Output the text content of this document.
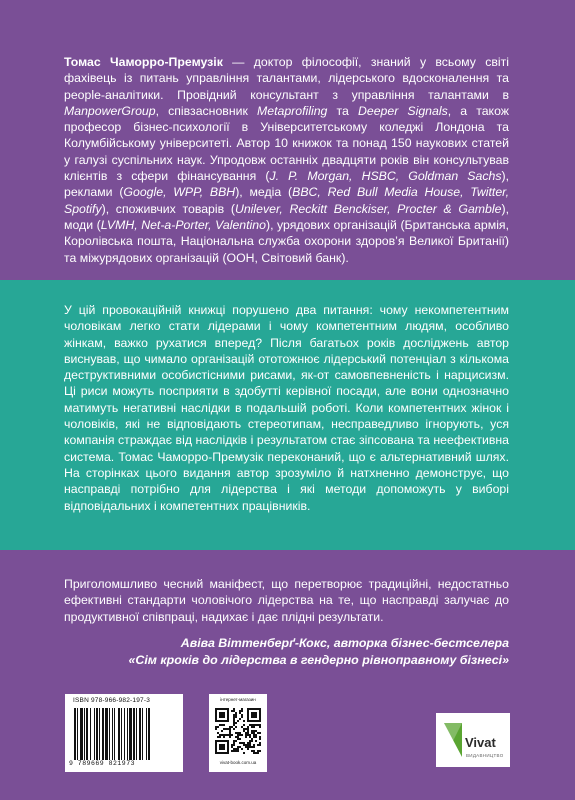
Томас Чаморро-Премузік — доктор філософії, знаний у всьому світі фахівець із питань управління талантами, лідерського вдосконалення та people-аналітики. Провідний консультант з управління талантами в ManpowerGroup, співзасновник Metaprofiling та Deeper Signals, а також професор бізнес-психології в Університетському коледжі Лондона та Колумбійському університеті. Автор 10 книжок та понад 150 наукових статей у галузі суспільних наук. Упродовж останніх двадцяти років він консультував клієнтів з сфери фінансування (J. P. Morgan, HSBC, Goldman Sachs), реклами (Google, WPP, BBH), медіа (BBC, Red Bull Media House, Twitter, Spotify), споживчих товарів (Unilever, Reckitt Benckiser, Procter & Gamble), моди (LVMH, Net-a-Porter, Valentino), урядових організацій (Британська армія, Королівська пошта, Національна служба охорони здоров’я Великої Британії) та міжурядових організацій (ООН, Світовий банк).

У цій провокаційній книжці порушено два питання: чому некомпетентним чоловікам легко стати лідерами і чому компетентним людям, особливо жінкам, важко рухатися вперед? Після багатьох років досліджень автор виснував, що чимало організацій ототожнює лідерський потенціал з кількома деструктивними особистісними рисами, як-от самовпевненість і нарцисизм. Ці риси можуть посприяти в здобутті керівної посади, але вони однозначно матимуть негативні наслідки в подальшій роботі. Коли компетентних жінок і чоловіків, які не відповідають стереотипам, несправедливо ігнорують, уся компанія страждає від наслідків і результатом стає зіпсована та неефективна система. Томас Чаморро-Премузік переконаний, що є альтернативний шлях. На сторінках цього видання автор зрозуміло й натхненно демонструє, що насправді потрібно для лідерства і які методи допоможуть у виборі відповідальних і компетентних працівників.

Приголомшливо чесний маніфест, що перетворює традиційні, недостатньо ефективні стандарти чоловічого лідерства на те, що насправді залучає до продуктивної співпраці, надихає і дає плідні результати.

Авіва Віттенберґ-Кокс, авторка бізнес-бестселера
«Сім кроків до лідерства в гендерно рівноправному бізнесі»
ISBN 978-966-982-197-3
9 789669 821973
інтернет-магазин
vivat-book.com.ua
Vivat
ВИДАВНИЦТВО
